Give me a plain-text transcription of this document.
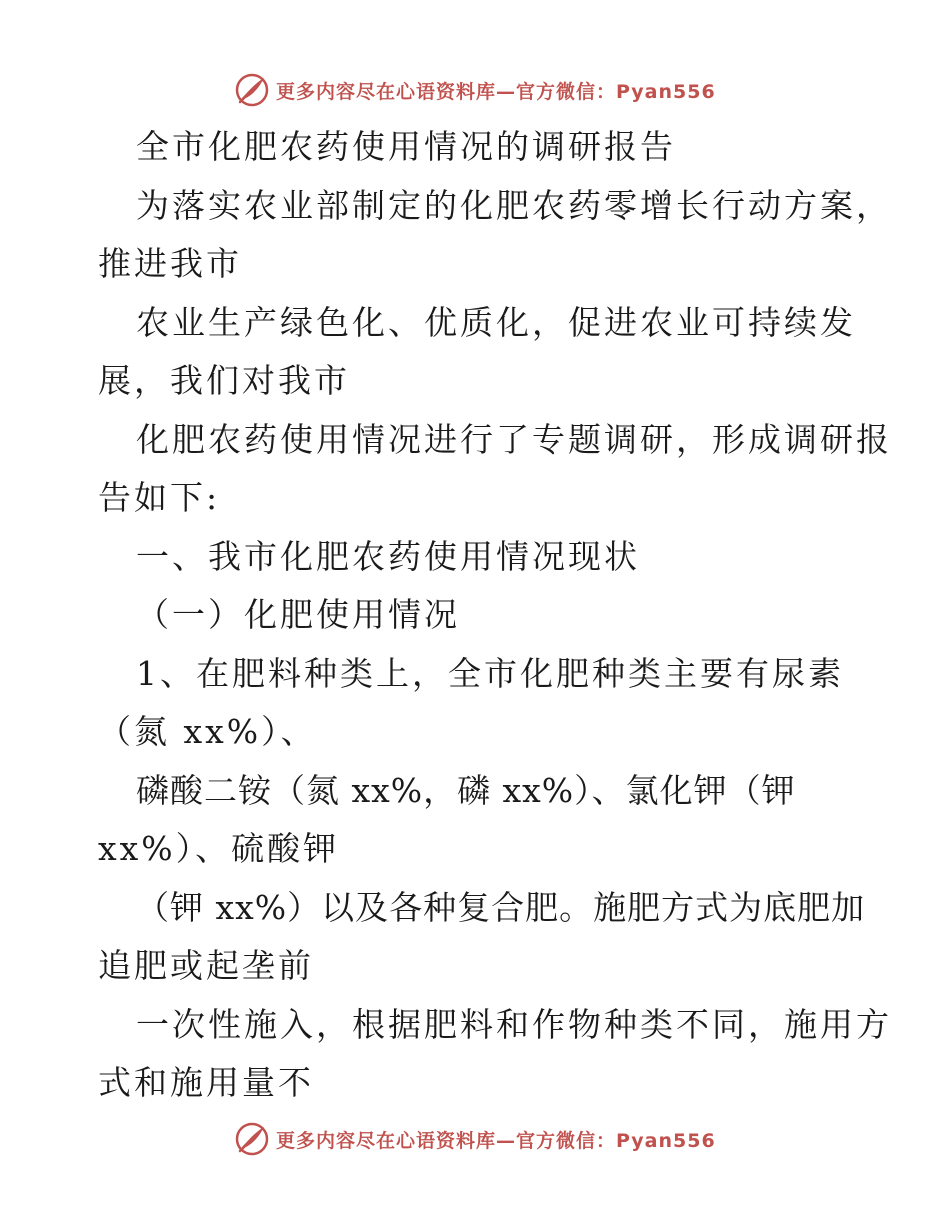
更多内容尽在心语资料库—官方微信：Pyan556
全市化肥农药使用情况的调研报告
为落实农业部制定的化肥农药零增长行动方案，
推进我市
农业生产绿色化、优质化，促进农业可持续发
展，我们对我市
化肥农药使用情况进行了专题调研，形成调研报
告如下:
一、我市化肥农药使用情况现状
（一）化肥使用情况
1、在肥料种类上，全市化肥种类主要有尿素
（氮 xx%）、
磷酸二铵（氮 xx%，磷 xx%）、氯化钾（钾
xx%）、硫酸钾
（钾 xx%）以及各种复合肥。施肥方式为底肥加
追肥或起垄前
一次性施入，根据肥料和作物种类不同，施用方
式和施用量不
更多内容尽在心语资料库—官方微信：Pyan556
